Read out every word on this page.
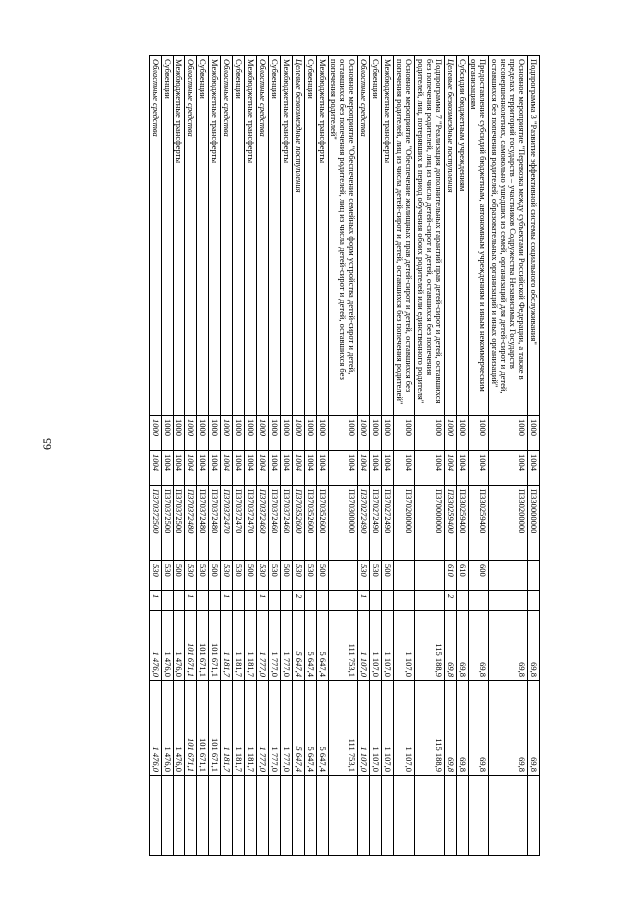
65
Подпрограмма 3 "Развитие эффективной системы социального обслуживания"	1000	1004	П330000000			69,8	69,8	
Основное мероприятие "Перевозка между субъектами Российской Федерации, а также в пределах территорий государств – участников Содружества Независимых Государств несовершеннолетних, самовольно ушедших из семей, организаций для детей-сирот и детей, оставшихся без попечения родителей, образовательных организаций и иных организаций"	1000	1004	П330200000			69,8	69,8	
Предоставление субсидий бюджетным, автономным учреждениям и иным некоммерческим организациям	1000	1004	П330259400	600		69,8	69,8	
Субсидии бюджетным учреждениям	1000	1004	П330259400	610		69,8	69,8	
Целевые безвозмездные поступления	1000	1004	П330259400	610	2	69,8	69,8	
Подпрограмма 7 "Реализация дополнительных гарантий прав детей-сирот и детей, оставшихся без попечения родителей, лиц из числа детей-сирот и детей, оставшихся без попечения родителей, лиц, потерявших в период обучения обоих родителей или единственного родителя"	1000	1004	П370000000			115 188,9	115 188,9	
Основное мероприятие "Обеспечение жилищных прав детей-сирот и детей, оставшихся без попечения родителей, лиц из числа детей-сирот и детей, оставшихся без попечения родителей"	1000	1004	П370200000			1 107,0	1 107,0	
Межбюджетные трансферты	1000	1004	П370272490	500		1 107,0	1 107,0	
Субвенции	1000	1004	П370272490	530		1 107,0	1 107,0	
Областные средства	1000	1004	П370272490	530	1	1 107,0	1 107,0	
Основное мероприятие "Обеспечение семейных форм устройства детей-сирот и детей, оставшихся без попечения родителей, лиц из числа детей-сирот и детей, оставшихся без попечения родителей"	1000	1004	П370300000			111 753,1	111 753,1	
Межбюджетные трансферты	1000	1004	П370352600	500		5 647,4	5 647,4	
Субвенции	1000	1004	П370352600	530		5 647,4	5 647,4	
Целевые безвозмездные поступления	1000	1004	П370352600	530	2	5 647,4	5 647,4	
Межбюджетные трансферты	1000	1004	П370372460	500		1 777,0	1 777,0	
Субвенции	1000	1004	П370372460	530		1 777,0	1 777,0	
Областные средства	1000	1004	П370372460	530	1	1 777,0	1 777,0	
Межбюджетные трансферты	1000	1004	П370372470	500		1 181,7	1 181,7	
Субвенции	1000	1004	П370372470	530		1 181,7	1 181,7	
Областные средства	1000	1004	П370372470	530	1	1 181,7	1 181,7	
Межбюджетные трансферты	1000	1004	П370372480	500		101 671,1	101 671,1	
Субвенции	1000	1004	П370372480	530		101 671,1	101 671,1	
Областные средства	1000	1004	П370372480	530	1	101 671,1	101 671,1	
Межбюджетные трансферты	1000	1004	П370372500	500		1 476,0	1 476,0	
Субвенции	1000	1004	П370372500	530		1 476,0	1 476,0	
Областные средства	1000	1004	П370372500	530	1	1 476,0	1 476,0	
